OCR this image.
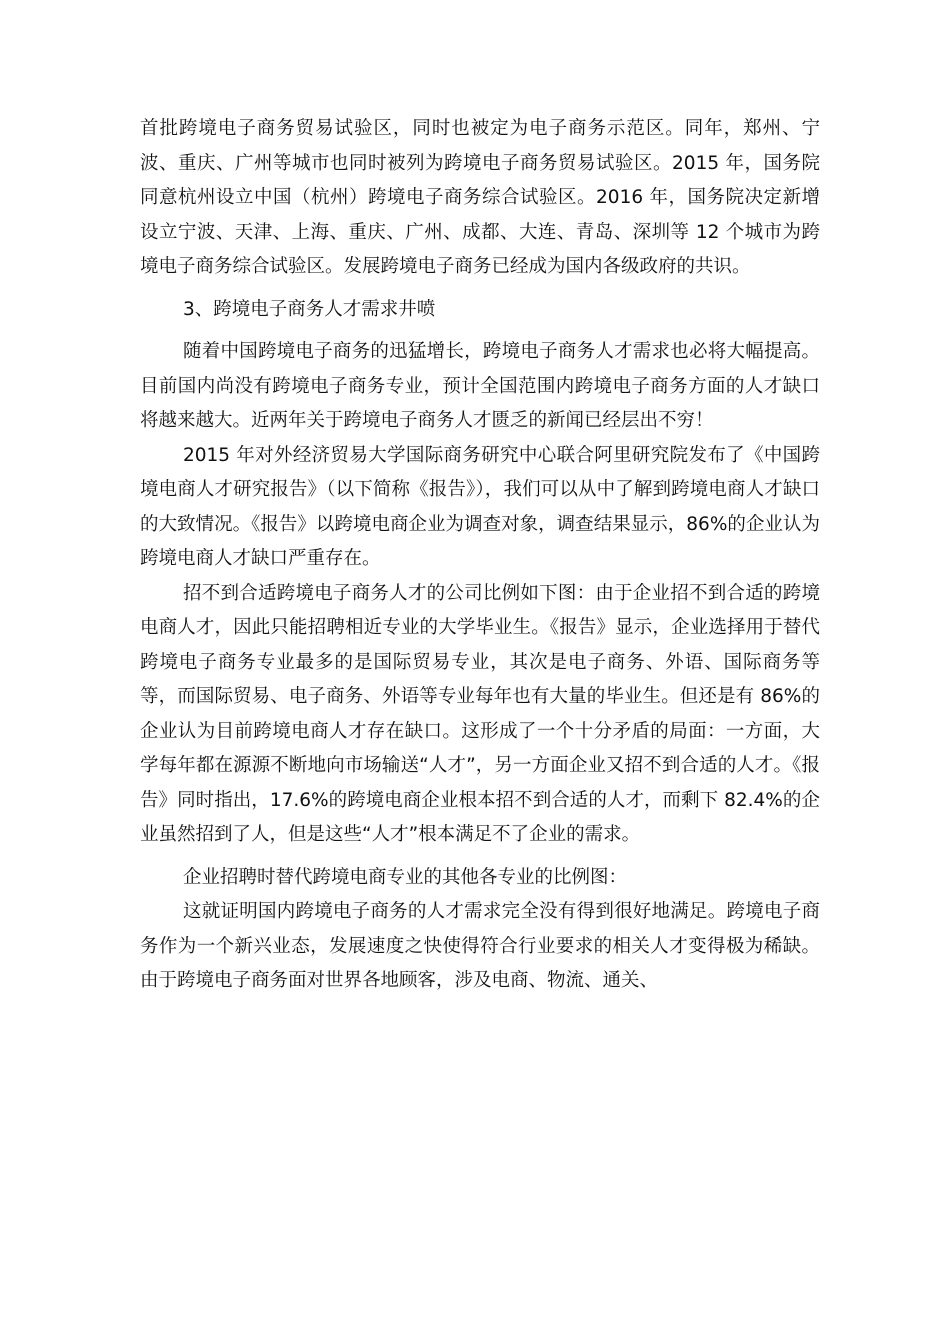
首批跨境电子商务贸易试验区，同时也被定为电子商务示范区。同年，郑州、宁波、重庆、广州等城市也同时被列为跨境电子商务贸易试验区。2015 年，国务院同意杭州设立中国（杭州）跨境电子商务综合试验区。2016 年，国务院决定新增设立宁波、天津、上海、重庆、广州、成都、大连、青岛、深圳等 12 个城市为跨境电子商务综合试验区。发展跨境电子商务已经成为国内各级政府的共识。

3、跨境电子商务人才需求井喷

随着中国跨境电子商务的迅猛增长，跨境电子商务人才需求也必将大幅提高。目前国内尚没有跨境电子商务专业，预计全国范围内跨境电子商务方面的人才缺口将越来越大。近两年关于跨境电子商务人才匮乏的新闻已经层出不穷！

2015 年对外经济贸易大学国际商务研究中心联合阿里研究院发布了《中国跨境电商人才研究报告》（以下简称《报告》），我们可以从中了解到跨境电商人才缺口的大致情况。《报告》以跨境电商企业为调查对象，调查结果显示，86%的企业认为跨境电商人才缺口严重存在。

招不到合适跨境电子商务人才的公司比例如下图：由于企业招不到合适的跨境电商人才，因此只能招聘相近专业的大学毕业生。《报告》显示，企业选择用于替代跨境电子商务专业最多的是国际贸易专业，其次是电子商务、外语、国际商务等等，而国际贸易、电子商务、外语等专业每年也有大量的毕业生。但还是有 86%的企业认为目前跨境电商人才存在缺口。这形成了一个十分矛盾的局面：一方面，大学每年都在源源不断地向市场输送“人才”，另一方面企业又招不到合适的人才。《报告》同时指出，17.6%的跨境电商企业根本招不到合适的人才，而剩下 82.4%的企业虽然招到了人，但是这些“人才”根本满足不了企业的需求。

企业招聘时替代跨境电商专业的其他各专业的比例图：

这就证明国内跨境电子商务的人才需求完全没有得到很好地满足。跨境电子商务作为一个新兴业态，发展速度之快使得符合行业要求的相关人才变得极为稀缺。由于跨境电子商务面对世界各地顾客，涉及电商、物流、通关、
